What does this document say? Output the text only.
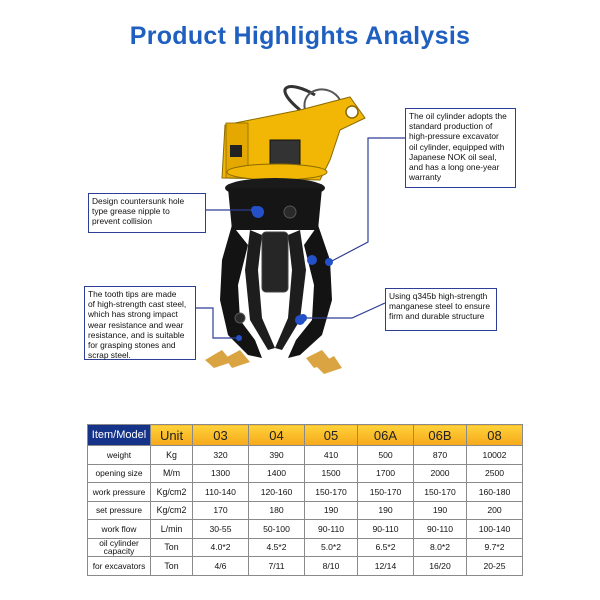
Product Highlights Analysis
The oil cylinder adopts the
standard production of
high-pressure excavator
oil cylinder, equipped with
Japanese NOK oil seal,
and has a long one-year
warranty
Design countersunk hole
type grease nipple to
prevent collision
The tooth tips are made
of high-strength cast steel,
which has strong impact
wear resistance and wear
resistance, and is suitable
for grasping stones and
scrap steel.
Using q345b high-strength
manganese steel to ensure
firm and durable structure
Item/Model	Unit	03	04	05	06A	06B	08
weight	Kg	320	390	410	500	870	10002
opening size	M/m	1300	1400	1500	1700	2000	2500
work pressure	Kg/cm2	110-140	120-160	150-170	150-170	150-170	160-180
set pressure	Kg/cm2	170	180	190	190	190	200
work flow	L/min	30-55	50-100	90-110	90-110	90-110	100-140
oil cylinder capacity	Ton	4.0*2	4.5*2	5.0*2	6.5*2	8.0*2	9.7*2
for excavators	Ton	4/6	7/11	8/10	12/14	16/20	20-25
